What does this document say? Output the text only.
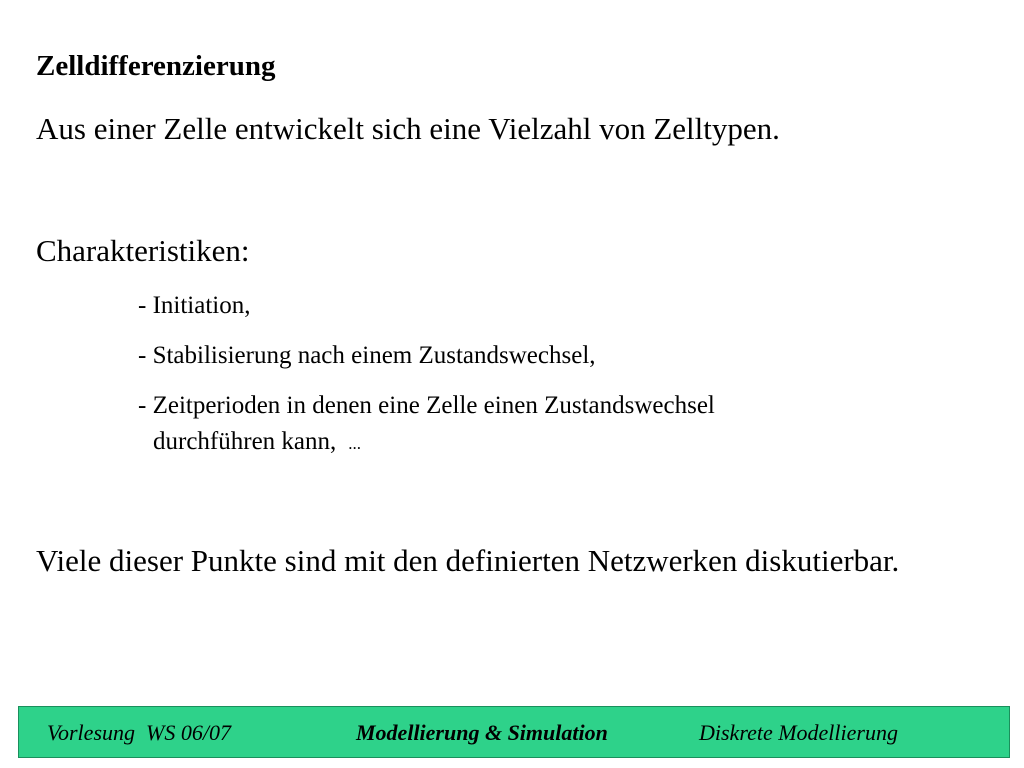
Zelldifferenzierung
Aus einer Zelle entwickelt sich eine Vielzahl von Zelltypen.
Charakteristiken:
- Initiation,
- Stabilisierung nach einem Zustandswechsel,
- Zeitperioden in denen eine Zelle einen Zustandswechsel
durchführen kann, ...
Viele dieser Punkte sind mit den definierten Netzwerken diskutierbar.
Vorlesung  WS 06/07	Modellierung & Simulation	Diskrete Modellierung
